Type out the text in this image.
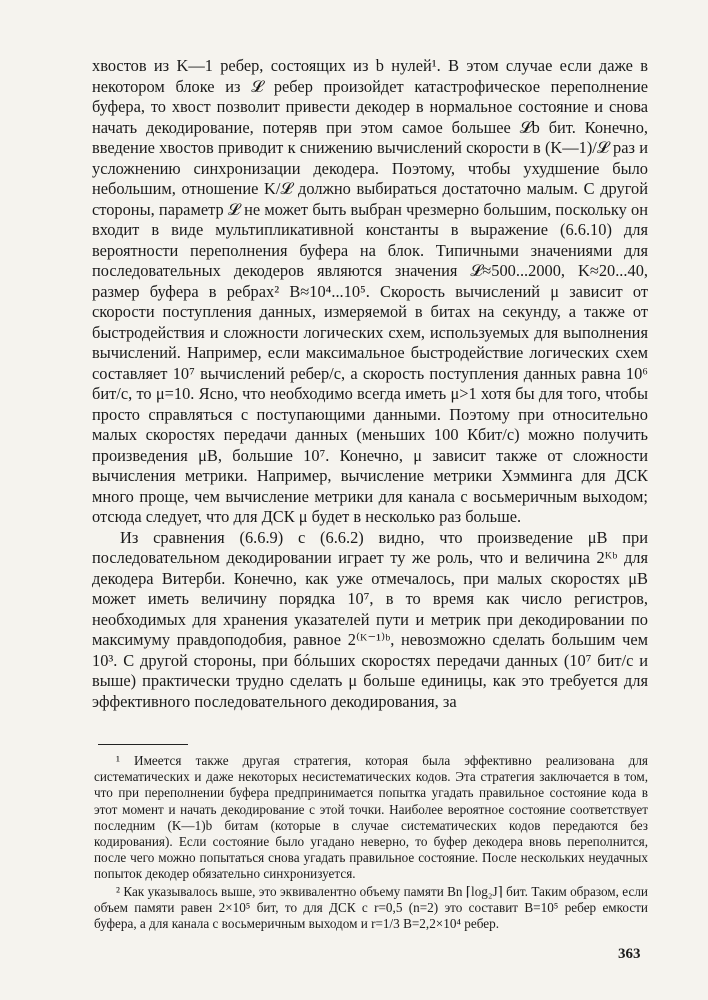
хвостов из K—1 ребер, состоящих из b нулей¹. В этом случае если даже в некотором блоке из 𝓛 ребер произойдет катастрофическое переполнение буфера, то хвост позволит привести декодер в нормальное состояние и снова начать декодирование, потеряв при этом самое большее 𝓛b бит. Конечно, введение хвостов приводит к снижению вычислений скорости в (K—1)/𝓛 раз и усложнению синхронизации декодера. Поэтому, чтобы ухудшение было небольшим, отношение K/𝓛 должно выбираться достаточно малым. С другой стороны, параметр 𝓛 не может быть выбран чрезмерно большим, поскольку он входит в виде мультипликативной константы в выражение (6.6.10) для вероятности переполнения буфера на блок. Типичными значениями для последовательных декодеров являются значения 𝓛≈500...2000, K≈20...40, размер буфера в ребрах² B≈10⁴...10⁵. Скорость вычислений μ зависит от скорости поступления данных, измеряемой в битах на секунду, а также от быстродействия и сложности логических схем, используемых для выполнения вычислений. Например, если максимальное быстродействие логических схем составляет 10⁷ вычислений ребер/с, а скорость поступления данных равна 10⁶ бит/с, то μ=10. Ясно, что необходимо всегда иметь μ>1 хотя бы для того, чтобы просто справляться с поступающими данными. Поэтому при относительно малых скоростях передачи данных (меньших 100 Кбит/с) можно получить произведения μB, большие 10⁷. Конечно, μ зависит также от сложности вычисления метрики. Например, вычисление метрики Хэмминга для ДСК много проще, чем вычисление метрики для канала с восьмеричным выходом; отсюда следует, что для ДСК μ будет в несколько раз больше.

Из сравнения (6.6.9) с (6.6.2) видно, что произведение μB при последовательном декодировании играет ту же роль, что и величина 2ᴷᵇ для декодера Витерби. Конечно, как уже отмечалось, при малых скоростях μB может иметь величину порядка 10⁷, в то время как число регистров, необходимых для хранения указателей пути и метрик при декодировании по максимуму правдоподобия, равное 2⁽ᴷ⁻¹⁾ᵇ, невозможно сделать большим чем 10³. С другой стороны, при бóльших скоростях передачи данных (10⁷ бит/с и выше) практически трудно сделать μ больше единицы, как это требуется для эффективного последовательного декодирования, за

¹ Имеется также другая стратегия, которая была эффективно реализована для систематических и даже некоторых несистематических кодов. Эта стратегия заключается в том, что при переполнении буфера предпринимается попытка угадать правильное состояние кода в этот момент и начать декодирование с этой точки. Наиболее вероятное состояние соответствует последним (K—1)b битам (которые в случае систематических кодов передаются без кодирования). Если состояние было угадано неверно, то буфер декодера вновь переполнится, после чего можно попытаться снова угадать правильное состояние. После нескольких неудачных попыток декодер обязательно синхронизуется.

² Как указывалось выше, это эквивалентно объему памяти Bn ⌈log₂J⌉ бит. Таким образом, если объем памяти равен 2×10⁵ бит, то для ДСК с r=0,5 (n=2) это составит B=10⁵ ребер емкости буфера, а для канала с восьмеричным выходом и r=1/3 B=2,2×10⁴ ребер.

363
